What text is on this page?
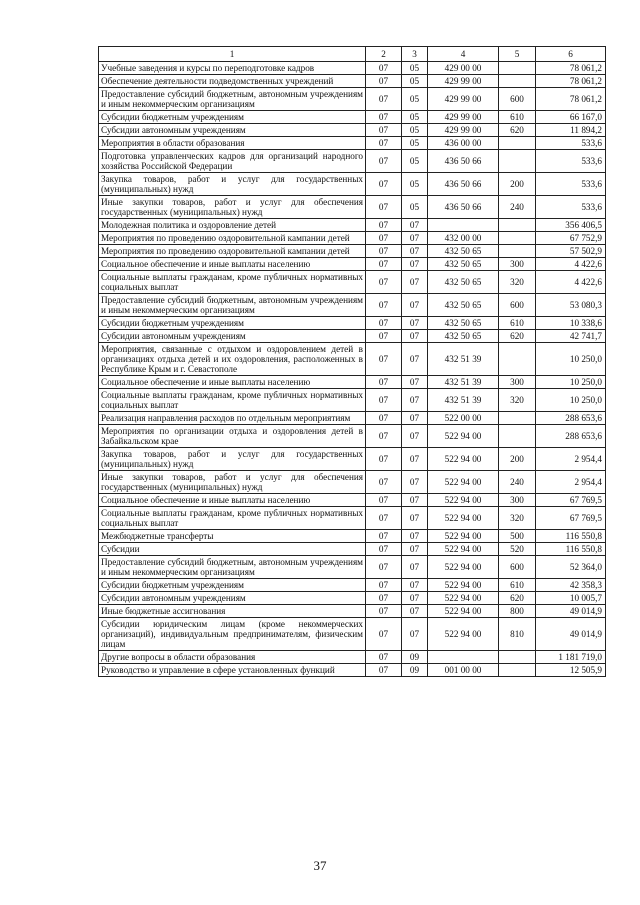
1	2	3	4	5	6
Учебные заведения и курсы по переподготовке кадров	07	05	429 00 00		78 061,2
Обеспечение деятельности подведомственных учреждений	07	05	429 99 00		78 061,2
Предоставление субсидий бюджетным, автономным учреждениям и иным некоммерческим организациям	07	05	429 99 00	600	78 061,2
Субсидии бюджетным учреждениям	07	05	429 99 00	610	66 167,0
Субсидии автономным учреждениям	07	05	429 99 00	620	11 894,2
Мероприятия в области образования	07	05	436 00 00		533,6
Подготовка управленческих кадров для организаций народного хозяйства Российской Федерации	07	05	436 50 66		533,6
Закупка товаров, работ и услуг для государственных (муниципальных) нужд	07	05	436 50 66	200	533,6
Иные закупки товаров, работ и услуг для обеспечения государственных (муниципальных) нужд	07	05	436 50 66	240	533,6
Молодежная политика и оздоровление детей	07	07			356 406,5
Мероприятия по проведению оздоровительной кампании детей	07	07	432 00 00		67 752,9
Мероприятия по проведению оздоровительной кампании детей	07	07	432 50 65		57 502,9
Социальное обеспечение и иные выплаты населению	07	07	432 50 65	300	4 422,6
Социальные выплаты гражданам, кроме публичных нормативных социальных выплат	07	07	432 50 65	320	4 422,6
Предоставление субсидий бюджетным, автономным учреждениям и иным некоммерческим организациям	07	07	432 50 65	600	53 080,3
Субсидии бюджетным учреждениям	07	07	432 50 65	610	10 338,6
Субсидии автономным учреждениям	07	07	432 50 65	620	42 741,7
Мероприятия, связанные с отдыхом и оздоровлением детей в организациях отдыха детей и их оздоровления, расположенных в Республике Крым и г. Севастополе	07	07	432 51 39		10 250,0
Социальное обеспечение и иные выплаты населению	07	07	432 51 39	300	10 250,0
Социальные выплаты гражданам, кроме публичных нормативных социальных выплат	07	07	432 51 39	320	10 250,0
Реализация направления расходов по отдельным мероприятиям	07	07	522 00 00		288 653,6
Мероприятия по организации отдыха и оздоровления детей в Забайкальском крае	07	07	522 94 00		288 653,6
Закупка товаров, работ и услуг для государственных (муниципальных) нужд	07	07	522 94 00	200	2 954,4
Иные закупки товаров, работ и услуг для обеспечения государственных (муниципальных) нужд	07	07	522 94 00	240	2 954,4
Социальное обеспечение и иные выплаты населению	07	07	522 94 00	300	67 769,5
Социальные выплаты гражданам, кроме публичных нормативных социальных выплат	07	07	522 94 00	320	67 769,5
Межбюджетные трансферты	07	07	522 94 00	500	116 550,8
Субсидии	07	07	522 94 00	520	116 550,8
Предоставление субсидий бюджетным, автономным учреждениям и иным некоммерческим организациям	07	07	522 94 00	600	52 364,0
Субсидии бюджетным учреждениям	07	07	522 94 00	610	42 358,3
Субсидии автономным учреждениям	07	07	522 94 00	620	10 005,7
Иные бюджетные ассигнования	07	07	522 94 00	800	49 014,9
Субсидии юридическим лицам (кроме некоммерческих организаций), индивидуальным предпринимателям, физическим лицам	07	07	522 94 00	810	49 014,9
Другие вопросы в области образования	07	09			1 181 719,0
Руководство и управление в сфере установленных функций	07	09	001 00 00		12 505,9
37
